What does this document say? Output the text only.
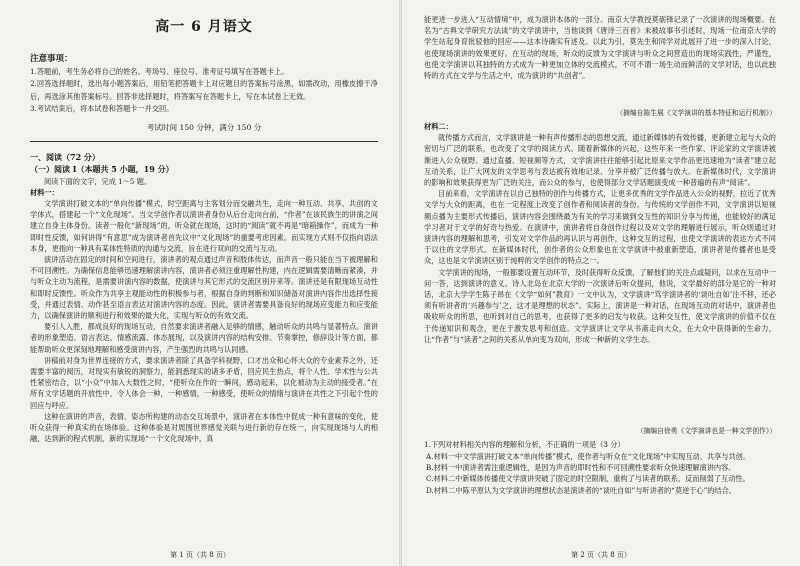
高一 6 月语文
注意事项：

1.答题前，考生务必将自己的姓名、考场号、座位号、准考证号填写在答题卡上。

2.回答选择题时，选出每小题答案后，用铅笔把答题卡上对应题目的答案标号涂黑，如需改动，用橡皮擦干净后，再选涂其他答案标号。回答非选择题时，将答案写在答题卡上，写在本试卷上无效。

3.考试结束后，将本试卷和答题卡一并交回。

考试时间 150 分钟，满分 150 分
一、阅读（72 分）
（一）阅读 I（本题共 5 小题，19 分）

阅读下面的文字，完成 1～5 题。

材料一：

文学演讲打破文本的“单向传播”模式，时空距离与主客划分而交融共生，走向一种互动、共享、共创的文学体式，搭建起一个“文化现场”。当文学创作者以演讲者身份从后台走向台前，“作者”在该民族生的讲演之间建立自身主体身份。读者一般化“新现场”的，听众就在现场，这时的“阅读”就不再是“暗箱操作”，而成为一种即时性反馈，如何讲得“有意思”成为演讲者首先议中“文化现场”的重要考虑因素。而实现方式则不仅指向语法本身，更指向一种具有某体性特质的沟通与交流，旨在进行双向的交流与互动。

演讲活动在固定的时间和空间进行，演讲者的观点通过声音和肢体传达，而声音一般只能在当下被理解和不可回溯性。为确保信息能够迅速理解演讲内容，演讲者必须注重理解性构建，内在逻辑需要清晰而紧凑，并与听众主动为流程，是需要讲演内容的数据，使演讲与其它形式的交流区别开来等。演讲还是有限现场互动性和即时反馈性。听众作为共享主观能动性的积极参与者，根据自身的判断和知识储备对演讲内容作出选择性接受，并通过表情、动作甚至语言表达对演讲内容的态度。因此，演讲者需要具备良好的现场应变能力和应变能力，以确保演讲的顺利进行和效果的最大化，实现与听众的有效交流。

要引人入胜，都成良好的现场互动，自然要求演讲者融入足够的情感，触动听众的共鸣与显著特点。演讲者的形象塑造、语言表达、情感流露、体态展现，以及演讲内容的结构安排、节奏掌控，修辞设计等方面，都能帮助听众更深刻地理解和感受演讲内容，产生强烈的共鸣与认同感。

讲稿前对身为世界连接的方式，要求演讲者除了具备学科视野，口才出众和心怀大众的专业素养之外，还需要丰富的阅历，对现实有敏锐的洞察力，能洞悉现实的诸多矛盾，回应民生热点，将个人性、学术性与公共性紧密结合，以“小众”中加入大数性之时，“使听众在作的一瞬间，感动起来，以化被动为主动的接受者。”在所有文学话题的开放性中，令人体会一种，一种感情，一种感受，使听众的情绪与演讲在共性之下引起个性的回应与呼应。

这种在演讲的声音，表情、姿态所构建的动态交互场景中，演讲者在本体性中促成一种有意味的变化，使听众获得一种真实的在场体验。这种体验是对周围世界感觉关联与进行新的存在统一，向实现现场与人的相融，达到新的程式机制，新的实现场“一个文化现场中，真

第 1 页（共 8 页）

能更进一步进入“互动情境”中，成为演讲本体的一部分。南京大学教授莫砺锋记录了一次演讲的现场概要。在名为“古典文学研究方法谈”的文学演讲中，当他谈到《唐诗三百首》未被故事书引述时，现场一位南京大学的学生站起身育批驳他的回应——这本诗确实有述及。以此为引，莫先生和同学对此展开了进一步的深入讨论，也使现场演讲的效果更好。在互动的现场，听众的反馈为文学演讲与听众之间营造出的现场实践性，严谨性，也使文学演讲以其独特的方式成为一种更加立体的交流模式，不可不谓一场生动而鲜活的文学对话，也以此独特的方式在文学与生活之中，成为演讲的“共创者”。

（摘编自陈生展《文学演讲的基本特征和运行机制》）

材料二：

就传播方式而言，文学演讲是一种有声传播形态的思想交流，通过新媒体的有效传播，更新建立起与大众的密切与广泛的联系，也改变了文学的阅读方式。随着新媒体的兴起，这些年来一些作家、评论家的文学演讲被渐进入公众视野。通过直播、短视频等方式，文学演讲往往能够引起比原来文学作品更迅速地为“读者”建立起互动关系，让广大网友的文学思考与表达被有效地记录、分享并被广泛传播与放大。在新媒体时代，文学演讲的影响和效果获得更为广泛的关注，而公众的参与，也使得部分文学话题演变成一种普遍的有声“阅读”。

目前来看，文学演讲在以自己独特的创作与传播方式，让更多优秀的文学作品进入公众的视野，拉近了优秀文学与大众的距离，也在一定程度上改变了创作者和阅读者的身份。与传统的文学创作不同，文学演讲以短视频点播为主要形式传播后，演讲内容会围绕最为有关的学习来做到交互性的知识分享与传递，也能较好的满足学习者对于文学的好奇与热爱。在演讲中，演讲者将自身创作过程以及对文学的理解进行展示，听众则通过对演讲内容的理解和思考，引发对文学作品的再认识与再创作，这种交互的过程，也使文学演讲的表达方式不同于以往的文学形式。在新媒体时代，创作者的公众形象也在文学演讲中被重新塑造，演讲者是传播者也是受众，这也是文学演讲区别于纯粹的文学创作的特点之一。

文学演讲的现场，一般都要设置互动环节，及时获得听众反馈，了解他们的关注点或疑问，以求在互动中一问一答，达到演讲的意义。诗人北岛在北京大学的一次演讲后听众提问，他说，文学最好的部分是它的一种对话，北京大学学生陈子昂在《文学“如何”教育》一文中认为，文学演讲“笃学演讲者的‘谈吐自如’注不移，还必须有听讲者的‘兴趣参与’之，这才是理想的状态”。实际上，演讲是一种对话，在现场互动的对话中，演讲者也吸收听众的所思，也听到对自己的思考，也获得了更多的启发与收获。这种交互性，使文学演讲的价值不仅在于传递知识和观念，更在于激发思考和创造。文学演讲让文学从书斋走向大众，在大众中获得新的生命力，让“作者”与“读者”之间的关系从单向变为双向，形成一种新的文学生态。

（摘编自徐勇《文学演讲也是一种文学创作》）

1.下列对材料相关内容的理解和分析，不正确的一项是（3 分）

A.材料一中文学演讲打破文本“单向传播”模式，使作者与听众在“文化现场”中实现互动、共享与共创。

B.材料一中演讲者需注重逻辑性，是因为声音的即时性和不可回溯性要求听众快速理解演讲内容。

C.材料二中新媒体传播使文学演讲突破了固定的时空限制，重构了与读者的联系，反而削弱了互动性。

D.材料二中陈平原认为文学演讲的理想状态是演讲者的“谈吐自如”与听讲者的“莫逆于心”的结合。

第 2 页（共 8 页）
